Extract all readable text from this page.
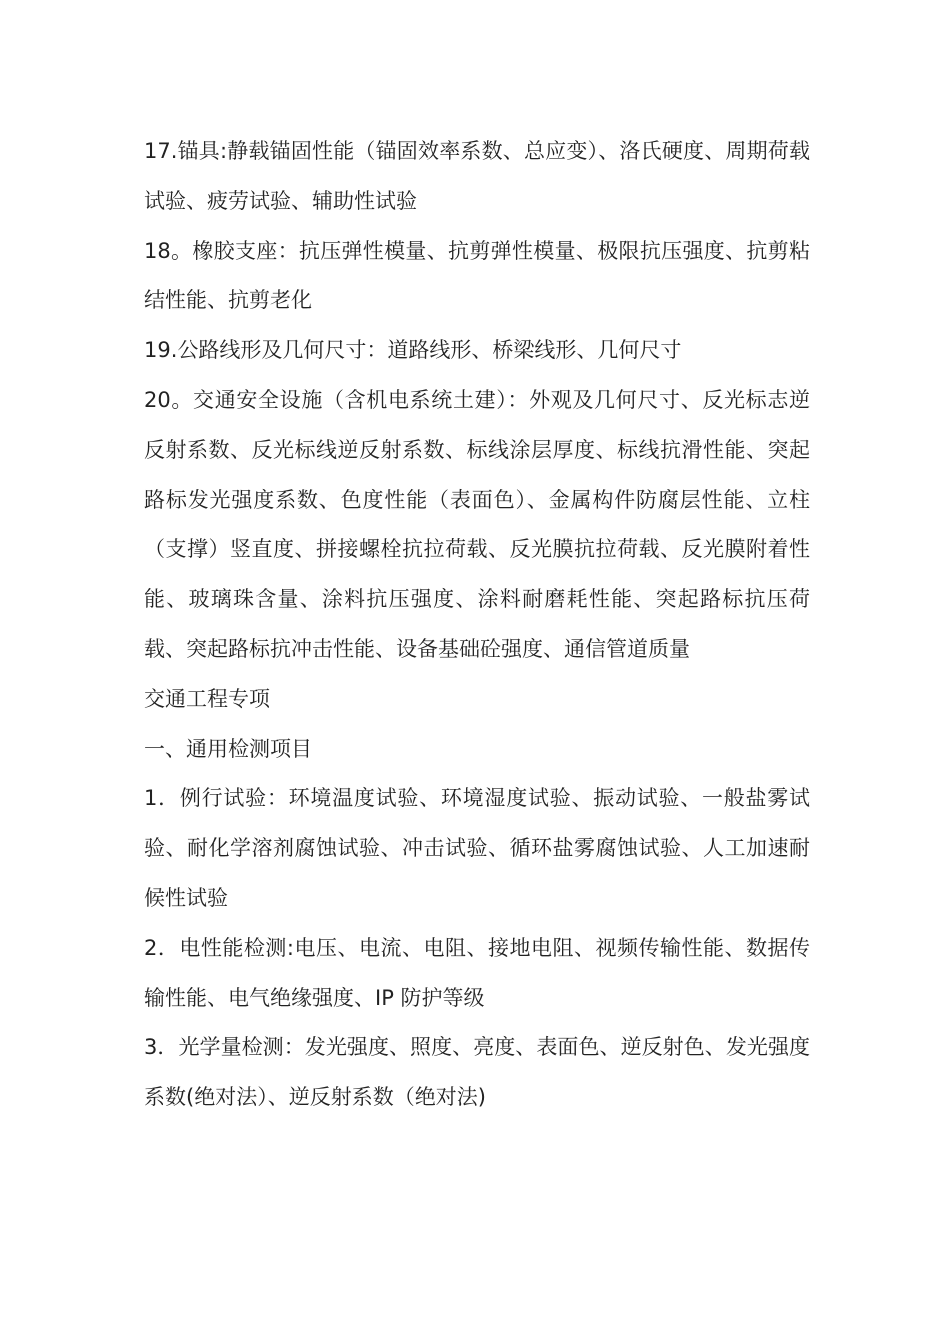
17.锚具:静载锚固性能（锚固效率系数、总应变）、洛氏硬度、周期荷载试验、疲劳试验、辅助性试验

18。橡胶支座：抗压弹性模量、抗剪弹性模量、极限抗压强度、抗剪粘结性能、抗剪老化

19.公路线形及几何尺寸：道路线形、桥梁线形、几何尺寸

20。交通安全设施（含机电系统土建）：外观及几何尺寸、反光标志逆反射系数、反光标线逆反射系数、标线涂层厚度、标线抗滑性能、突起路标发光强度系数、色度性能（表面色）、金属构件防腐层性能、立柱（支撑）竖直度、拼接螺栓抗拉荷载、反光膜抗拉荷载、反光膜附着性能、玻璃珠含量、涂料抗压强度、涂料耐磨耗性能、突起路标抗压荷载、突起路标抗冲击性能、设备基础砼强度、通信管道质量

交通工程专项

一、通用检测项目

1．例行试验：环境温度试验、环境湿度试验、振动试验、一般盐雾试验、耐化学溶剂腐蚀试验、冲击试验、循环盐雾腐蚀试验、人工加速耐候性试验

2．电性能检测:电压、电流、电阻、接地电阻、视频传输性能、数据传输性能、电气绝缘强度、IP 防护等级

3．光学量检测：发光强度、照度、亮度、表面色、逆反射色、发光强度系数(绝对法）、逆反射系数（绝对法)
